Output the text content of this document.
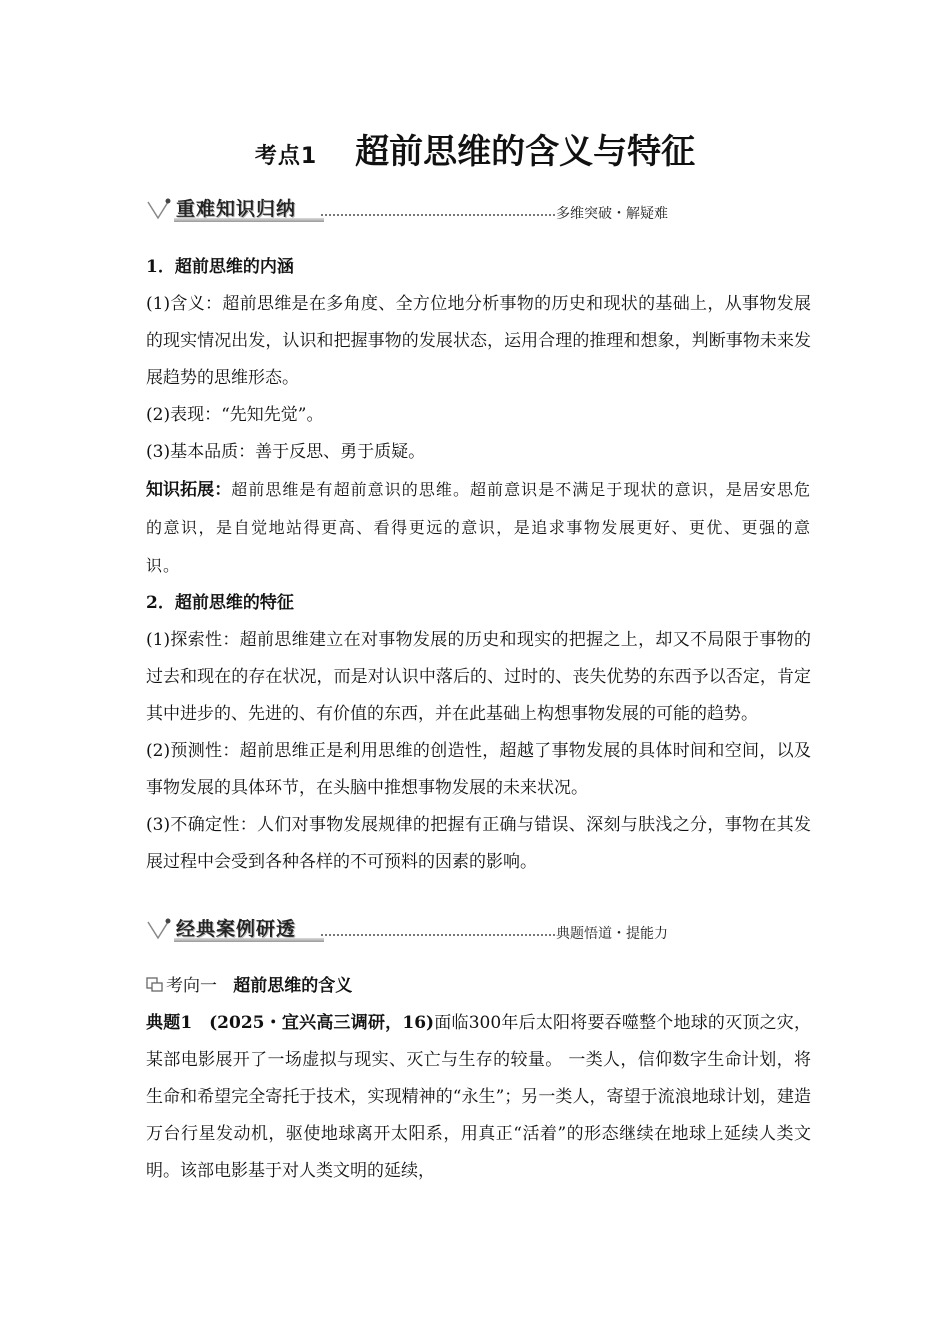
考点1 超前思维的含义与特征
重难知识归纳	多维突破・解疑难

1．超前思维的内涵

(1)含义：超前思维是在多角度、全方位地分析事物的历史和现状的基础上，从事物发展的现实情况出发，认识和把握事物的发展状态，运用合理的推理和想象，判断事物未来发展趋势的思维形态。

(2)表现：“先知先觉”。

(3)基本品质：善于反思、勇于质疑。

知识拓展：超前思维是有超前意识的思维。超前意识是不满足于现状的意识，是居安思危的意识，是自觉地站得更高、看得更远的意识，是追求事物发展更好、更优、更强的意识。

2．超前思维的特征

(1)探索性：超前思维建立在对事物发展的历史和现实的把握之上，却又不局限于事物的过去和现在的存在状况，而是对认识中落后的、过时的、丧失优势的东西予以否定，肯定其中进步的、先进的、有价值的东西，并在此基础上构想事物发展的可能的趋势。

(2)预测性：超前思维正是利用思维的创造性，超越了事物发展的具体时间和空间，以及事物发展的具体环节，在头脑中推想事物发展的未来状况。

(3)不确定性：人们对事物发展规律的把握有正确与错误、深刻与肤浅之分，事物在其发展过程中会受到各种各样的不可预料的因素的影响。

经典案例研透	典题悟道・提能力

考向一 超前思维的含义

典题1 (2025・宜兴高三调研，16)面临300年后太阳将要吞噬整个地球的灭顶之灾，某部电影展开了一场虚拟与现实、灭亡与生存的较量。 一类人，信仰数字生命计划，将生命和希望完全寄托于技术，实现精神的“永生”；另一类人，寄望于流浪地球计划，建造万台行星发动机，驱使地球离开太阳系，用真正“活着”的形态继续在地球上延续人类文明。该部电影基于对人类文明的延续，
